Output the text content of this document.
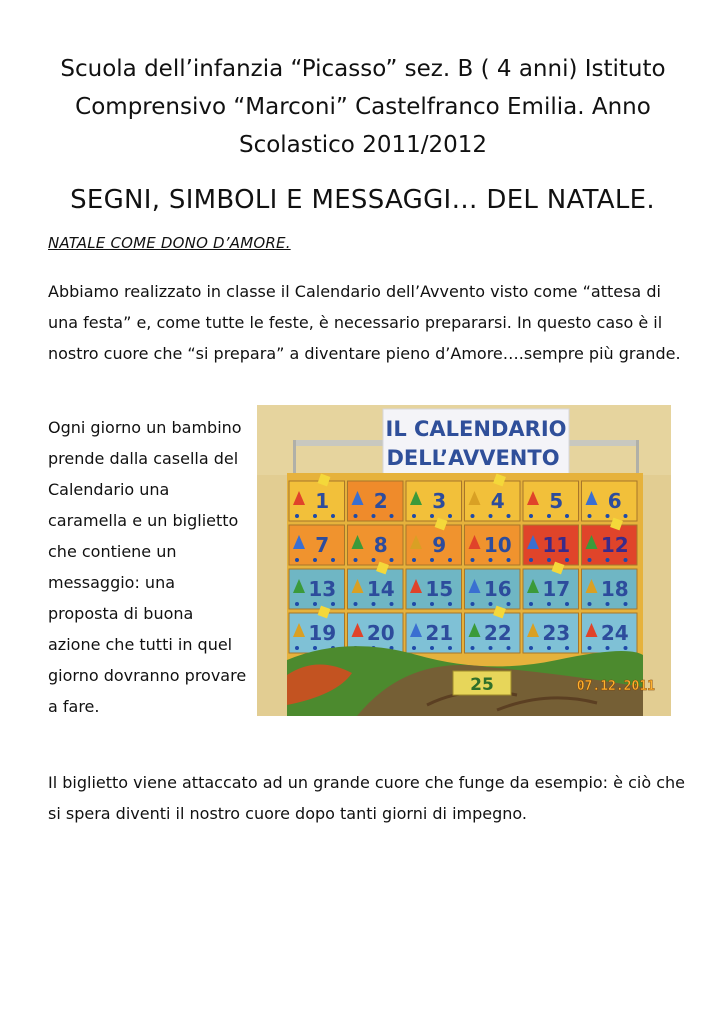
Scuola dell’infanzia “Picasso” sez. B ( 4 anni) Istituto Comprensivo “Marconi” Castelfranco Emilia. Anno Scolastico 2011/2012
SEGNI, SIMBOLI E MESSAGGI… DEL NATALE.
NATALE COME DONO D’AMORE.
Abbiamo realizzato in classe il Calendario dell’Avvento visto come “attesa di una festa” e, come tutte le feste, è necessario prepararsi. In questo caso è il nostro cuore che “si prepara” a diventare pieno d’Amore….sempre più grande.
Ogni giorno un bambino prende dalla casella del Calendario una caramella e un biglietto che contiene un messaggio: una proposta di buona azione che tutti in quel giorno dovranno provare a fare.
IL CALENDARIO
DELL’AVVENTO
1 2 3 4 5 6
7 8 9 10 11 12
13 14 15 16 17 18
19 20 21 22 23 24
25	07.12.2011
Il biglietto viene attaccato ad un grande cuore che funge da esempio: è ciò che si spera diventi il nostro cuore dopo tanti giorni di impegno.
